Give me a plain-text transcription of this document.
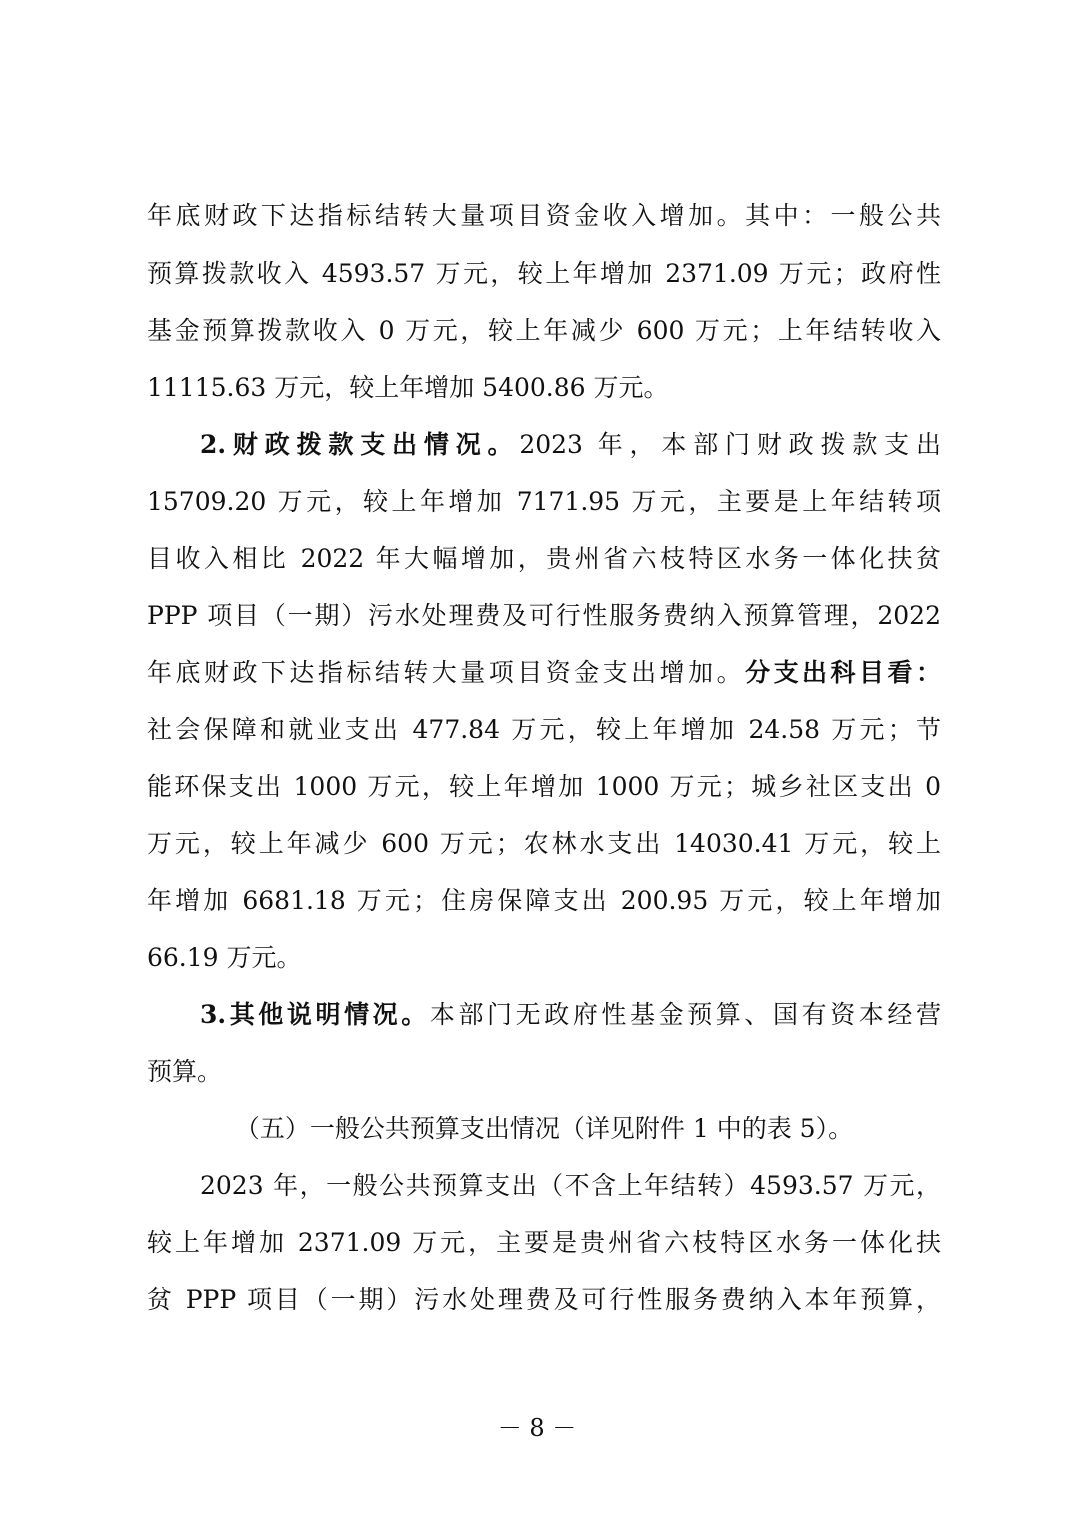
年底财政下达指标结转大量项目资金收入增加。其中：一般公共
预算拨款收入 4593.57 万元，较上年增加 2371.09 万元；政府性
基金预算拨款收入 0 万元，较上年减少 600 万元；上年结转收入
11115.63 万元，较上年增加 5400.86 万元。
2.财政拨款支出情况。2023 年，本部门财政拨款支出
15709.20 万元，较上年增加 7171.95 万元，主要是上年结转项
目收入相比 2022 年大幅增加，贵州省六枝特区水务一体化扶贫
PPP 项目（一期）污水处理费及可行性服务费纳入预算管理，2022
年底财政下达指标结转大量项目资金支出增加。分支出科目看：
社会保障和就业支出 477.84 万元，较上年增加 24.58 万元；节
能环保支出 1000 万元，较上年增加 1000 万元；城乡社区支出 0
万元，较上年减少 600 万元；农林水支出 14030.41 万元，较上
年增加 6681.18 万元；住房保障支出 200.95 万元，较上年增加
66.19 万元。
3.其他说明情况。本部门无政府性基金预算、国有资本经营
预算。
（五）一般公共预算支出情况（详见附件 1 中的表 5）。
2023 年，一般公共预算支出（不含上年结转）4593.57 万元，
较上年增加 2371.09 万元，主要是贵州省六枝特区水务一体化扶
贫 PPP 项目（一期）污水处理费及可行性服务费纳入本年预算，
－ 8 －
